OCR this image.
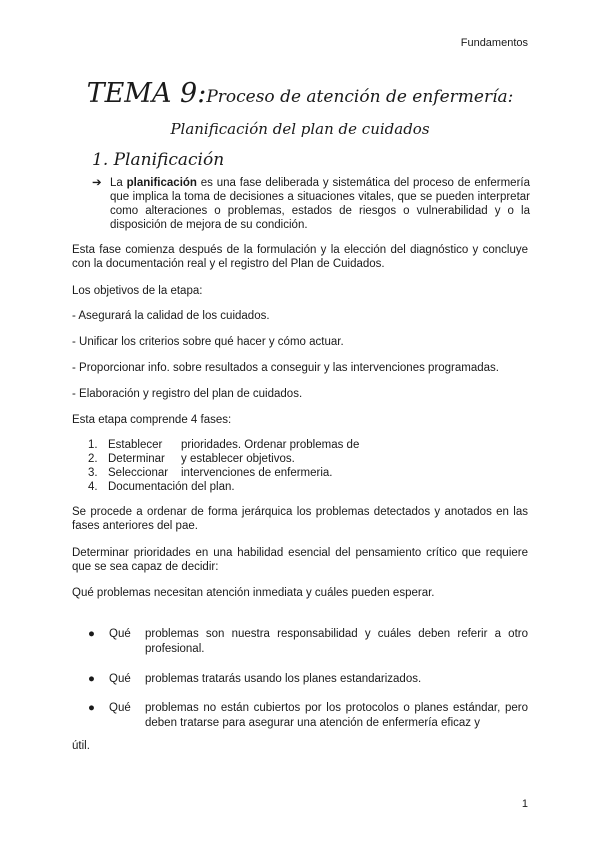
Fundamentos
TEMA 9:Proceso de atención de enfermería:
Planificación del plan de cuidados
1. Planificación
➔ La planificación es una fase deliberada y sistemática del proceso de enfermería que implica la toma de decisiones a situaciones vitales, que se pueden interpretar como alteraciones o problemas, estados de riesgos o vulnerabilidad y o la disposición de mejora de su condición.
Esta fase comienza después de la formulación y la elección del diagnóstico y concluye con la documentación real y el registro del Plan de Cuidados.
Los objetivos de la etapa:
- Asegurará la calidad de los cuidados.
- Unificar los criterios sobre qué hacer y cómo actuar.
- Proporcionar info. sobre resultados a conseguir y las intervenciones programadas.
- Elaboración y registro del plan de cuidados.
Esta etapa comprende 4 fases:
1. Establecer	prioridades. Ordenar problemas de
2. Determinar	y establecer objetivos.
3. Seleccionar	intervenciones de enfermeria.
4. Documentación del plan.
Se procede a ordenar de forma jerárquica los problemas detectados y anotados en las fases anteriores del pae.
Determinar prioridades en una habilidad esencial del pensamiento crítico que requiere que se sea capaz de decidir:
Qué problemas necesitan atención inmediata y cuáles pueden esperar.
● Qué problemas son nuestra responsabilidad y cuáles deben referir a otro profesional.
● Qué problemas tratarás usando los planes estandarizados.
● Qué problemas no están cubiertos por los protocolos o planes estándar, pero deben tratarse para asegurar una atención de enfermería eficaz y
útil.
1
